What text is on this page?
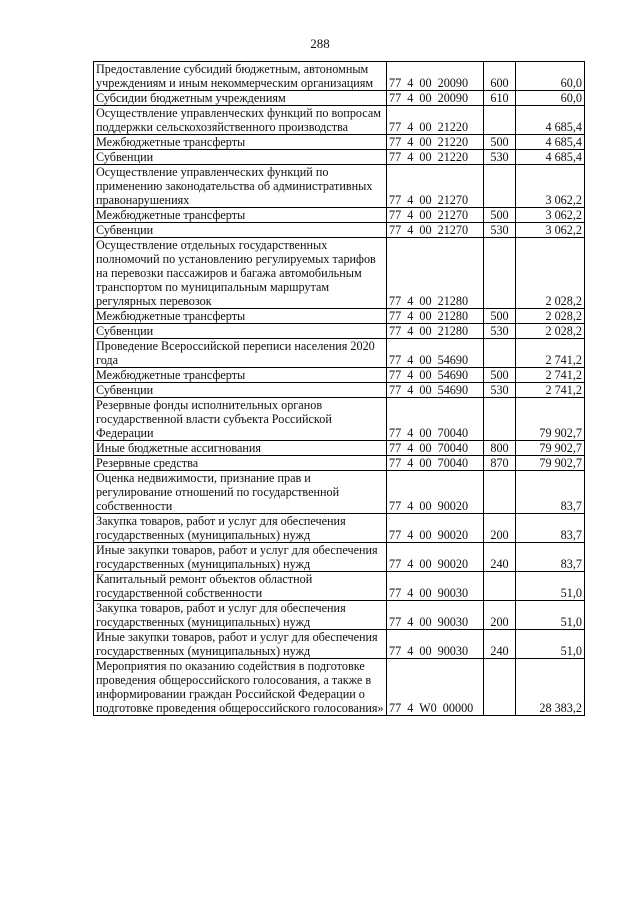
288
Предоставление субсидий бюджетным, автономным учреждениям и иным некоммерческим организациям	77 4 00 20090	600	60,0
Субсидии бюджетным учреждениям	77 4 00 20090	610	60,0
Осуществление управленческих функций по вопросам поддержки сельскохозяйственного производства	77 4 00 21220		4 685,4
Межбюджетные трансферты	77 4 00 21220	500	4 685,4
Субвенции	77 4 00 21220	530	4 685,4
Осуществление управленческих функций по применению законодательства об административных правонарушениях	77 4 00 21270		3 062,2
Межбюджетные трансферты	77 4 00 21270	500	3 062,2
Субвенции	77 4 00 21270	530	3 062,2
Осуществление отдельных государственных полномочий по установлению регулируемых тарифов на перевозки пассажиров и багажа автомобильным транспортом по муниципальным маршрутам регулярных перевозок	77 4 00 21280		2 028,2
Межбюджетные трансферты	77 4 00 21280	500	2 028,2
Субвенции	77 4 00 21280	530	2 028,2
Проведение Всероссийской переписи населения 2020 года	77 4 00 54690		2 741,2
Межбюджетные трансферты	77 4 00 54690	500	2 741,2
Субвенции	77 4 00 54690	530	2 741,2
Резервные фонды исполнительных органов государственной власти субъекта Российской Федерации	77 4 00 70040		79 902,7
Иные бюджетные ассигнования	77 4 00 70040	800	79 902,7
Резервные средства	77 4 00 70040	870	79 902,7
Оценка недвижимости, признание прав и регулирование отношений по государственной собственности	77 4 00 90020		83,7
Закупка товаров, работ и услуг для обеспечения государственных (муниципальных) нужд	77 4 00 90020	200	83,7
Иные закупки товаров, работ и услуг для обеспечения государственных (муниципальных) нужд	77 4 00 90020	240	83,7
Капитальный ремонт объектов областной государственной собственности	77 4 00 90030		51,0
Закупка товаров, работ и услуг для обеспечения государственных (муниципальных) нужд	77 4 00 90030	200	51,0
Иные закупки товаров, работ и услуг для обеспечения государственных (муниципальных) нужд	77 4 00 90030	240	51,0
Мероприятия по оказанию содействия в подготовке проведения общероссийского голосования, а также в информировании граждан Российской Федерации о подготовке проведения общероссийского голосования»	77 4 W0 00000		28 383,2
